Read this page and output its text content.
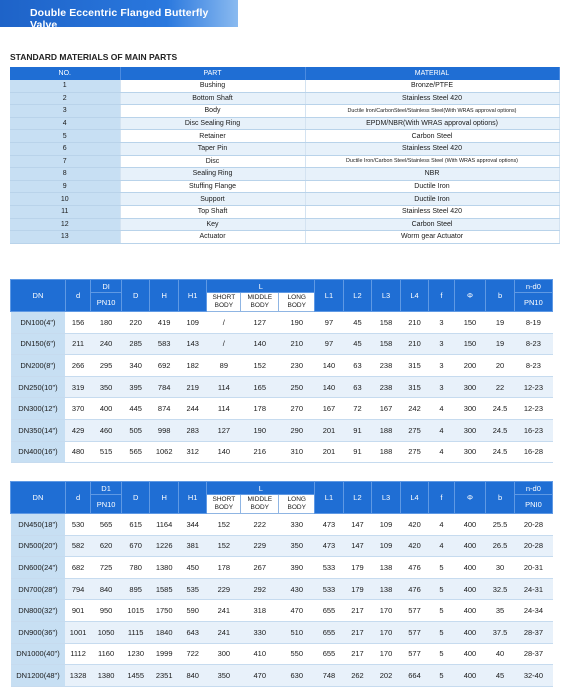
Double Eccentric Flanged Butterfly Valve
STANDARD MATERIALS OF MAIN PARTS
NO.	PART	MATERIAL
1	Bushing	Bronze/PTFE
2	Bottom Shaft	Stainless Steel 420
3	Body	Ductile Iron/CarbonSteel/Stainless Steel(With WRAS approval options)
4	Disc Sealing Ring	EPDM/NBR(With WRAS approval options)
5	Retainer	Carbon Steel
6	Taper Pin	Stainless Steel 420
7	Disc	Ductile Iron/Carbon Steel/Stainless Steel (With WRAS approval options)
8	Sealing Ring	NBR
9	Stuffing Flange	Ductile Iron
10	Support	Ductile Iron
11	Top Shaft	Stainless Steel 420
12	Key	Carbon Steel
13	Actuator	Worm gear Actuator
DN	d	DI	D	H	H1	L			L1	L2	L3	L4	f	Φ	b	n-d0
		PN10				SHORT BODY	MIDDLE BODY	LONG BODY								PN10
DN100(4")	156	180	220	419	109	/	127	190	97	45	158	210	3	150	19	8-19
DN150(6")	211	240	285	583	143	/	140	210	97	45	158	210	3	150	19	8-23
DN200(8")	266	295	340	692	182	89	152	230	140	63	238	315	3	200	20	8-23
DN250(10")	319	350	395	784	219	114	165	250	140	63	238	315	3	300	22	12-23
DN300(12")	370	400	445	874	244	114	178	270	167	72	167	242	4	300	24.5	12-23
DN350(14")	429	460	505	998	283	127	190	290	201	91	188	275	4	300	24.5	16-23
DN400(16")	480	515	565	1062	312	140	216	310	201	91	188	275	4	300	24.5	16-28
DN	d	D1	D	H	H1	L			L1	L2	L3	L4	f	Φ	b	n-d0
		PN10				SHORT BODY	MIDDLE BODY	LONG BODY								PNI0
DN450(18")	530	565	615	1164	344	152	222	330	473	147	109	420	4	400	25.5	20-28
DN500(20")	582	620	670	1226	381	152	229	350	473	147	109	420	4	400	26.5	20-28
DN600(24")	682	725	780	1380	450	178	267	390	533	179	138	476	5	400	30	20-31
DN700(28")	794	840	895	1585	535	229	292	430	533	179	138	476	5	400	32.5	24-31
DN800(32")	901	950	1015	1750	590	241	318	470	655	217	170	577	5	400	35	24-34
DN900(36")	1001	1050	1115	1840	643	241	330	510	655	217	170	577	5	400	37.5	28-37
DN1000(40")	1112	1160	1230	1999	722	300	410	550	655	217	170	577	5	400	40	28-37
DN1200(48")	1328	1380	1455	2351	840	350	470	630	748	262	202	664	5	400	45	32-40
